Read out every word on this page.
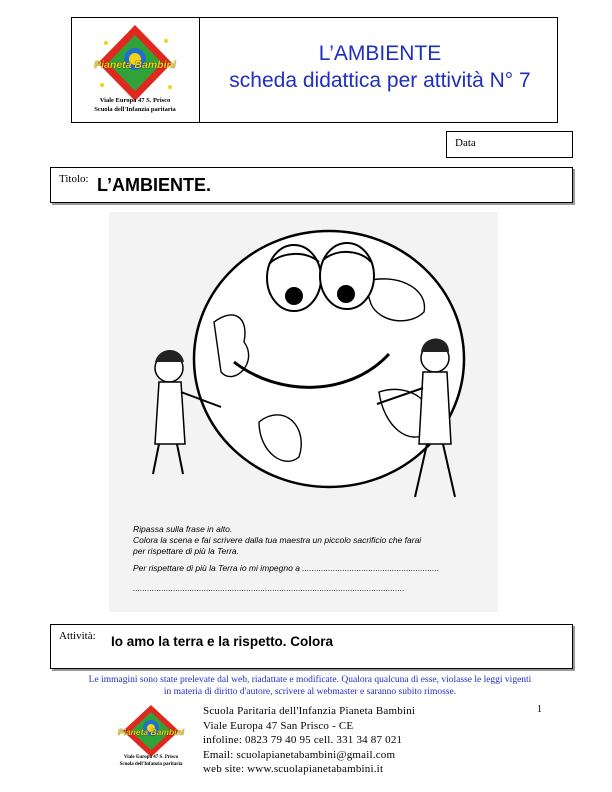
Pianeta Bambini
Viale Europa 47 S. Prisco
Scuola dell'Infanzia paritaria
L’AMBIENTE
scheda didattica per attività N° 7
Data
Titolo: L’AMBIENTE.
Ripassa sulla frase in alto.
Colora la scena e fai scrivere dalla tua maestra un piccolo sacrificio che farai
per rispettare di più la Terra.
Per rispettare di più la Terra io mi impegno a ..........................................................
...................................................................................................................
Attività: Io amo la terra e la rispetto. Colora
Le immagini sono state prelevate dal web, riadattate e modificate. Qualora qualcuna di esse, violasse le leggi vigenti
in materia di diritto d'autore, scrivere al webmaster e saranno subito rimosse.
Pianeta Bambini
Viale Europa 47 S. Prisco
Scuola dell'Infanzia paritaria
Scuola Paritaria dell'Infanzia Pianeta Bambini
Viale Europa 47 San Prisco - CE
infoline: 0823 79 40 95 cell. 331 34 87 021
Email: scuolapianetabambini@gmail.com
web site: www.scuolapianetabambini.it
1
